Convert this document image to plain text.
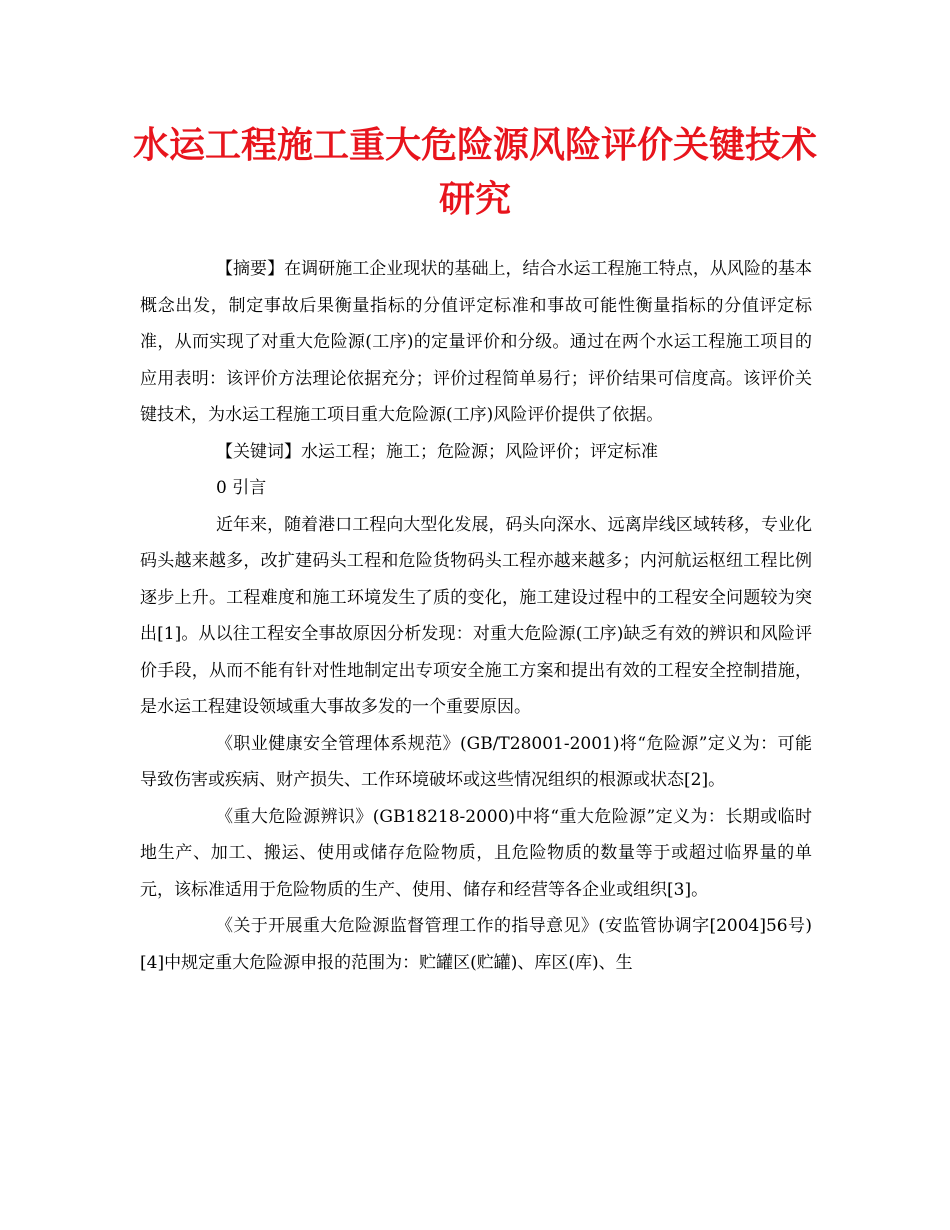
水运工程施工重大危险源风险评价关键技术
研究

【摘要】在调研施工企业现状的基础上，结合水运工程施工特点，从风险的基本概念出发，制定事故后果衡量指标的分值评定标准和事故可能性衡量指标的分值评定标准，从而实现了对重大危险源(工序)的定量评价和分级。通过在两个水运工程施工项目的应用表明：该评价方法理论依据充分；评价过程简单易行；评价结果可信度高。该评价关键技术，为水运工程施工项目重大危险源(工序)风险评价提供了依据。

【关键词】水运工程；施工；危险源；风险评价；评定标准

0 引言

近年来，随着港口工程向大型化发展，码头向深水、远离岸线区域转移，专业化码头越来越多，改扩建码头工程和危险货物码头工程亦越来越多；内河航运枢纽工程比例逐步上升。工程难度和施工环境发生了质的变化，施工建设过程中的工程安全问题较为突出[1]。从以往工程安全事故原因分析发现：对重大危险源(工序)缺乏有效的辨识和风险评价手段，从而不能有针对性地制定出专项安全施工方案和提出有效的工程安全控制措施，是水运工程建设领域重大事故多发的一个重要原因。

《职业健康安全管理体系规范》(GB/T28001-2001)将“危险源”定义为：可能导致伤害或疾病、财产损失、工作环境破坏或这些情况组织的根源或状态[2]。

《重大危险源辨识》(GB18218-2000)中将“重大危险源”定义为：长期或临时地生产、加工、搬运、使用或储存危险物质，且危险物质的数量等于或超过临界量的单元，该标准适用于危险物质的生产、使用、储存和经营等各企业或组织[3]。

《关于开展重大危险源监督管理工作的指导意见》(安监管协调字[2004]56号)[4]中规定重大危险源申报的范围为：贮罐区(贮罐)、库区(库)、生
